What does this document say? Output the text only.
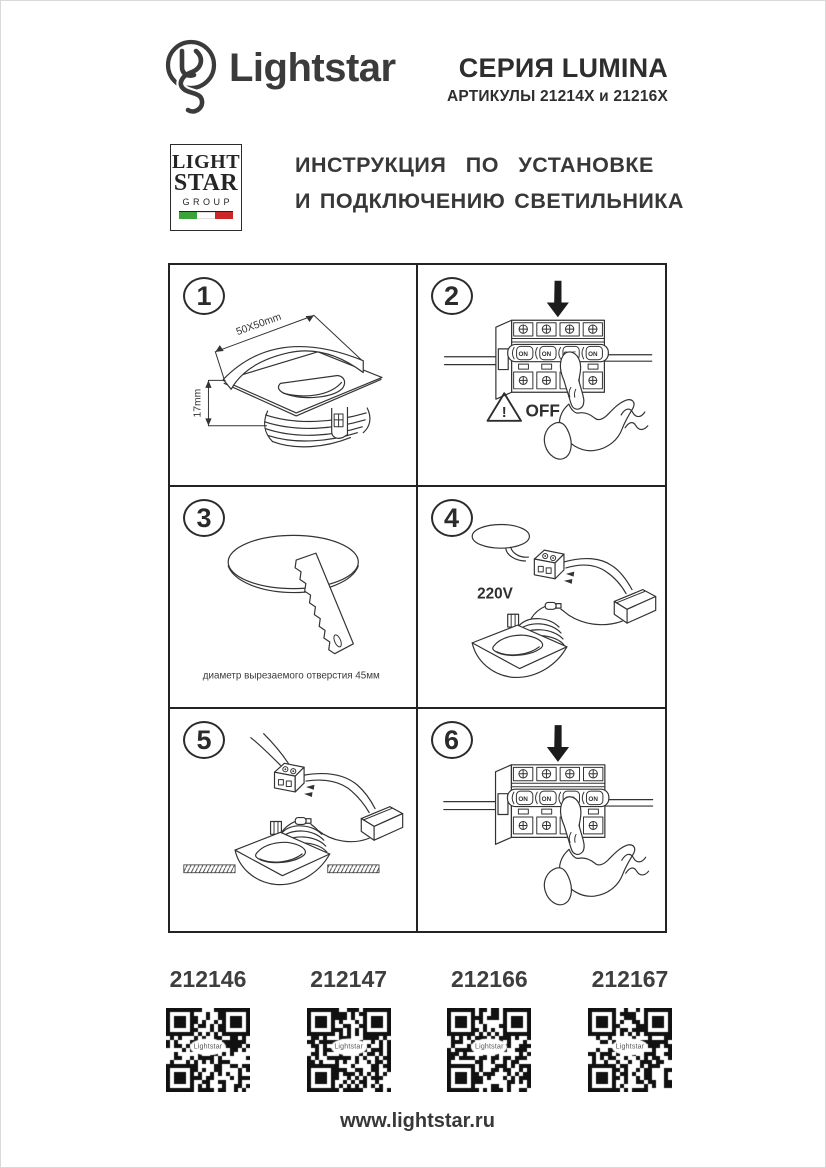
Lightstar	СЕРИЯ LUMINA
АРТИКУЛЫ 21214X и 21216X
LIGHT
STAR
GROUP
ИНСТРУКЦИЯ ПО УСТАНОВКЕ
И ПОДКЛЮЧЕНИЮ СВЕТИЛЬНИКА
50X50mm
17mm
1
ON ON	ON
! OFF
2
диаметр вырезаемого отверстия 45мм
3
220V
4
5
ON ON	ON
6
212146
Lightstar
212147
Lightstar
212166
Lightstar
212167
Lightstar
www.lightstar.ru
